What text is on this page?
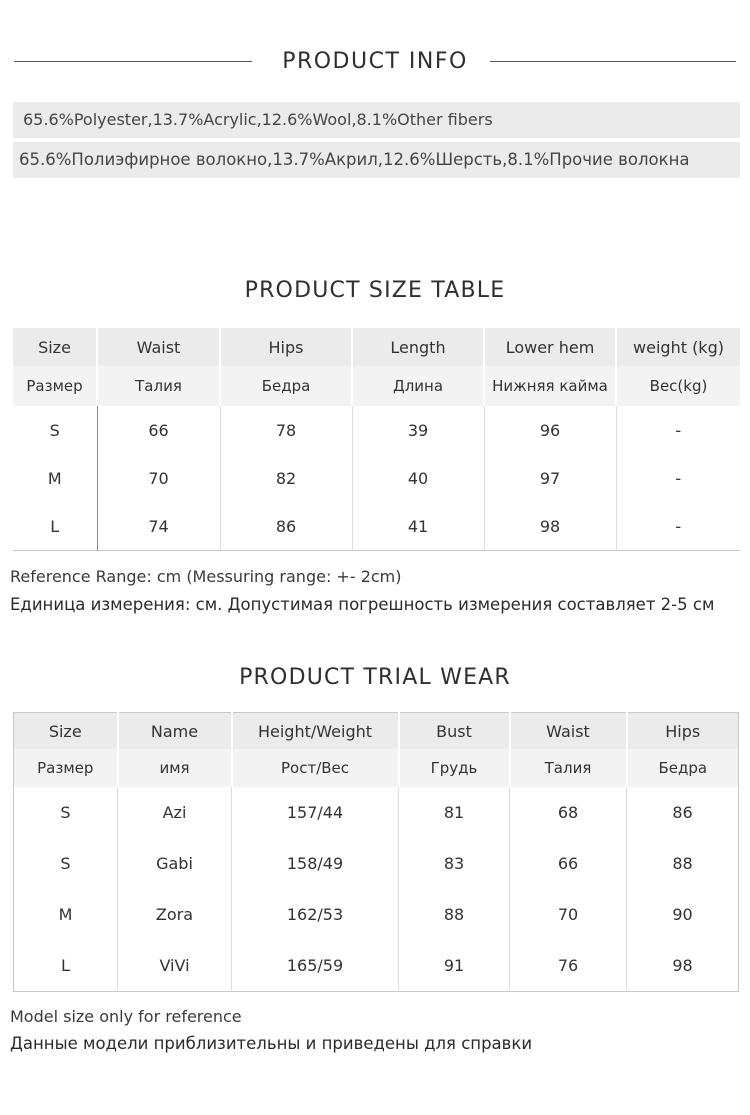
PRODUCT INFO
65.6%Polyester,13.7%Acrylic,12.6%Wool,8.1%Other fibers
65.6%Полиэфирное волокно,13.7%Акрил,12.6%Шерсть,8.1%Прочие волокна
PRODUCT SIZE TABLE
Size	Waist	Hips	Length	Lower hem	weight (kg)
Размер	Талия	Бедра	Длина	Нижняя кайма	Вес(kg)
S	66	78	39	96	-
M	70	82	40	97	-
L	74	86	41	98	-
Reference Range: cm (Messuring range: +- 2cm)
Единица измерения: см. Допустимая погрешность измерения составляет 2-5 см
PRODUCT TRIAL WEAR
Size	Name	Height/Weight	Bust	Waist	Hips
Размер	имя	Рост/Вес	Грудь	Талия	Бедра
S	Azi	157/44	81	68	86
S	Gabi	158/49	83	66	88
M	Zora	162/53	88	70	90
L	ViVi	165/59	91	76	98
Model size only for reference
Данные модели приблизительны и приведены для справки
